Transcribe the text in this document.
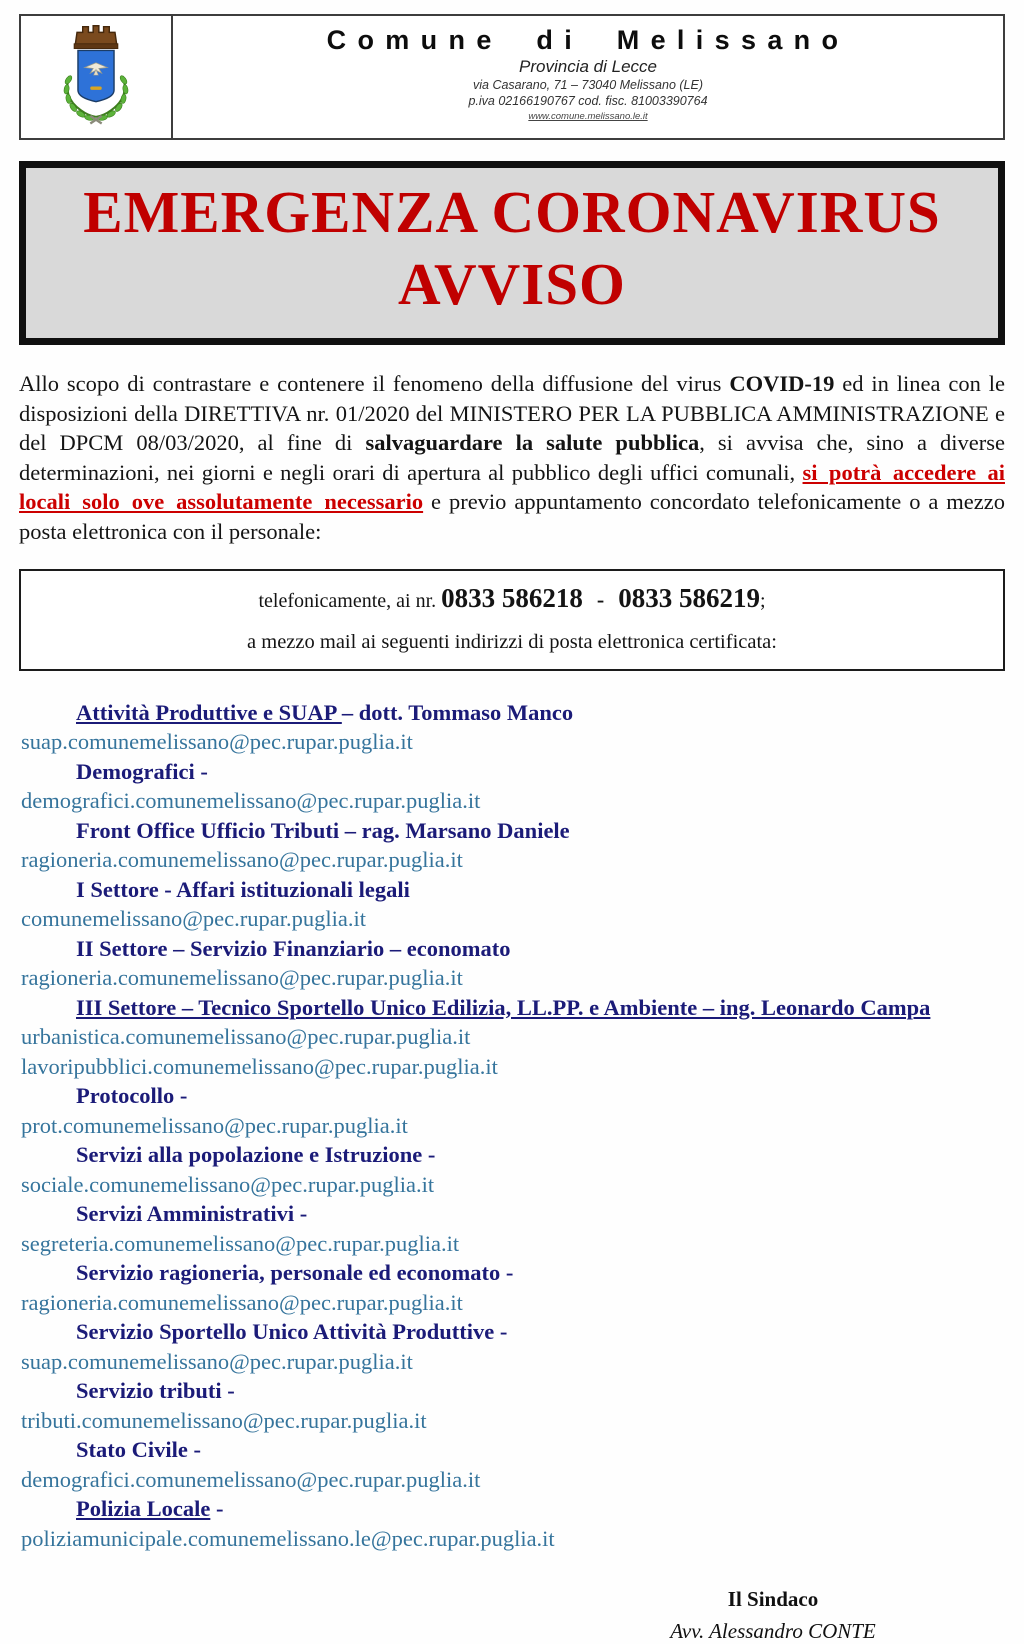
Comune di Melissano
Provincia di Lecce
via Casarano, 71 – 73040 Melissano (LE)
p.iva 02166190767 cod. fisc. 81003390764
www.comune.melissano.le.it
EMERGENZA CORONAVIRUS
AVVISO

Allo scopo di contrastare e contenere il fenomeno della diffusione del virus COVID-19 ed in linea con le disposizioni della DIRETTIVA nr. 01/2020 del MINISTERO PER LA PUBBLICA AMMINISTRAZIONE e del DPCM 08/03/2020, al fine di salvaguardare la salute pubblica, si avvisa che, sino a diverse determinazioni, nei giorni e negli orari di apertura al pubblico degli uffici comunali, si potrà accedere ai locali solo ove assolutamente necessario e previo appuntamento concordato telefonicamente o a mezzo posta elettronica con il personale:

telefonicamente, ai nr. 0833 586218 - 0833 586219;
a mezzo mail ai seguenti indirizzi di posta elettronica certificata:
Attività Produttive e SUAP – dott. Tommaso Manco
suap.comunemelissano@pec.rupar.puglia.it
Demografici -
demografici.comunemelissano@pec.rupar.puglia.it
Front Office Ufficio Tributi – rag. Marsano Daniele
ragioneria.comunemelissano@pec.rupar.puglia.it
I Settore - Affari istituzionali legali
comunemelissano@pec.rupar.puglia.it
II Settore – Servizio Finanziario – economato
ragioneria.comunemelissano@pec.rupar.puglia.it
III Settore – Tecnico Sportello Unico Edilizia, LL.PP. e Ambiente – ing. Leonardo Campa
urbanistica.comunemelissano@pec.rupar.puglia.it
lavoripubblici.comunemelissano@pec.rupar.puglia.it
Protocollo -
prot.comunemelissano@pec.rupar.puglia.it
Servizi alla popolazione e Istruzione -
sociale.comunemelissano@pec.rupar.puglia.it
Servizi Amministrativi -
segreteria.comunemelissano@pec.rupar.puglia.it
Servizio ragioneria, personale ed economato -
ragioneria.comunemelissano@pec.rupar.puglia.it
Servizio Sportello Unico Attività Produttive -
suap.comunemelissano@pec.rupar.puglia.it
Servizio tributi -
tributi.comunemelissano@pec.rupar.puglia.it
Stato Civile -
demografici.comunemelissano@pec.rupar.puglia.it
Polizia Locale -
poliziamunicipale.comunemelissano.le@pec.rupar.puglia.it
Il Sindaco
Avv. Alessandro CONTE
